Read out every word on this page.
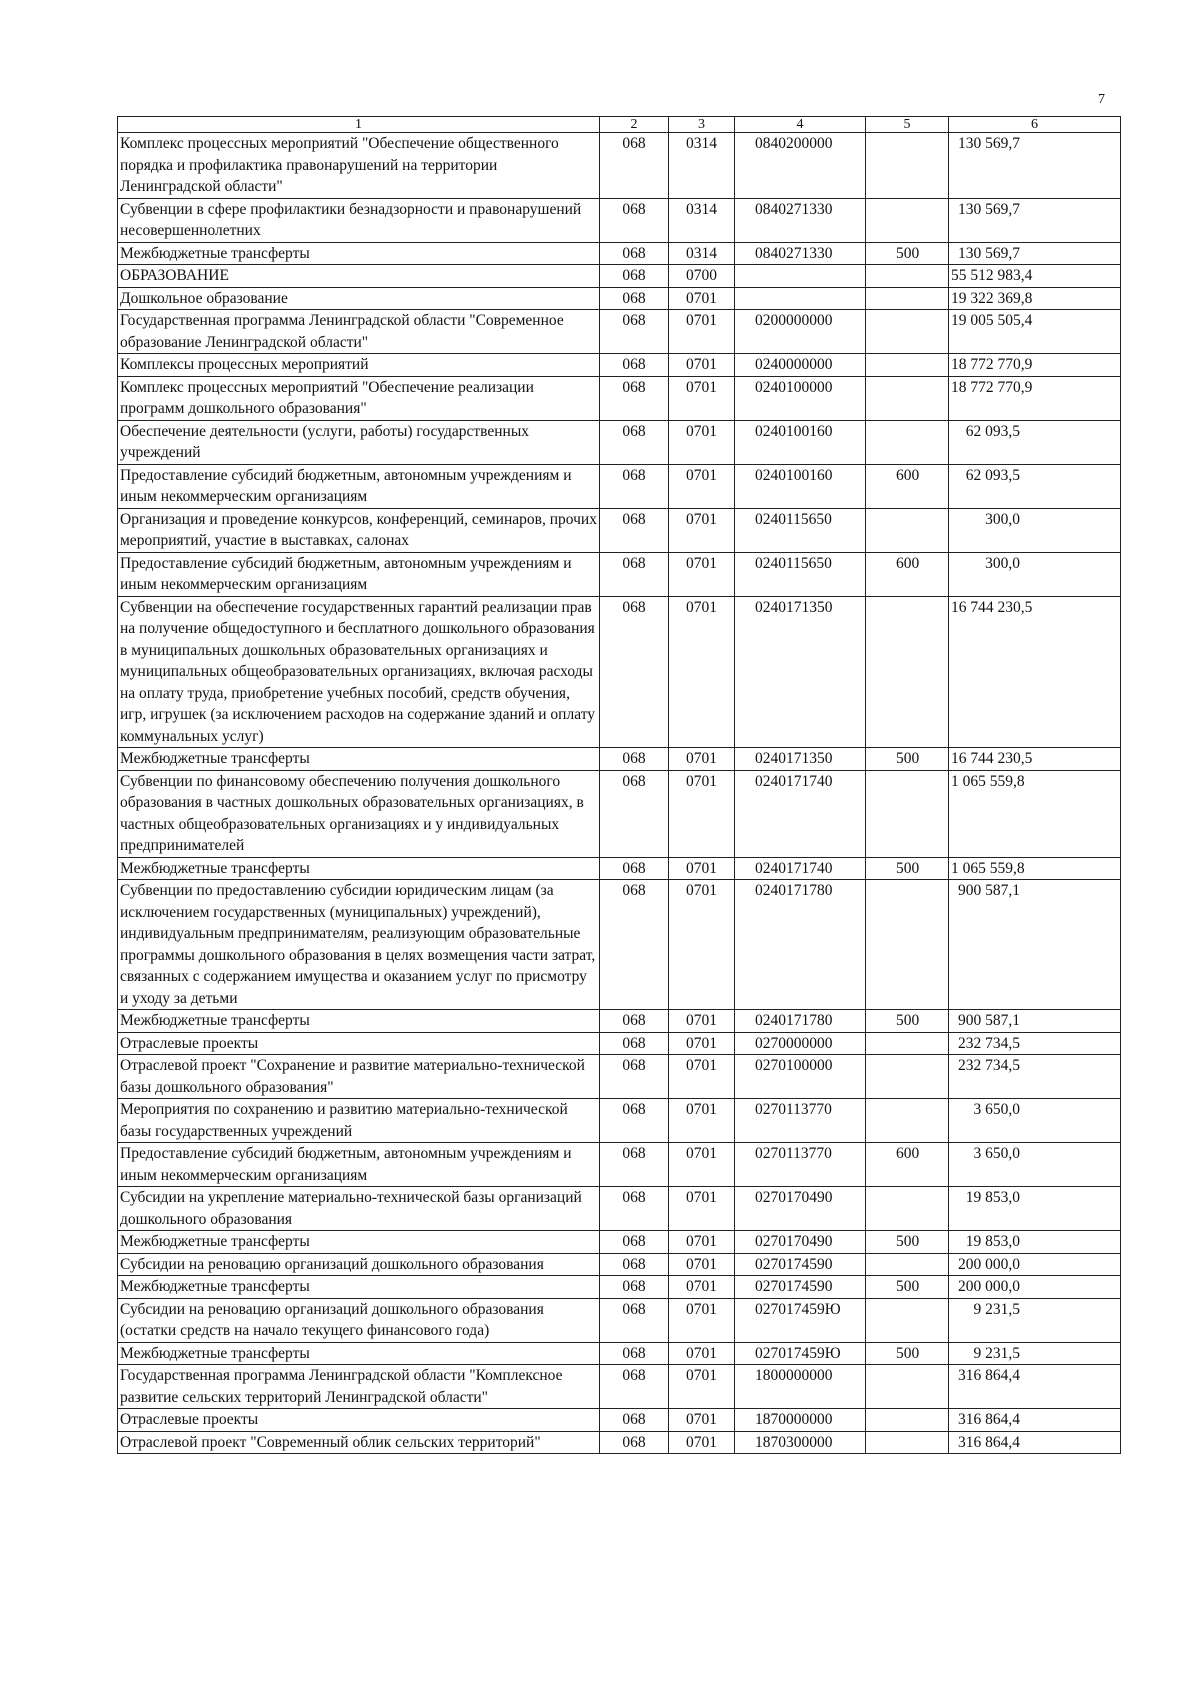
7
1	2	3	4	5	6
Комплекс процессных мероприятий "Обеспечение общественного порядка и профилактика правонарушений на территории Ленинградской области"	068	0314	0840200000		130 569,7
Субвенции в сфере профилактики безнадзорности и правонарушений несовершеннолетних	068	0314	0840271330		130 569,7
Межбюджетные трансферты	068	0314	0840271330	500	130 569,7
ОБРАЗОВАНИЕ	068	0700			55 512 983,4
Дошкольное образование	068	0701			19 322 369,8
Государственная программа Ленинградской области "Современное образование Ленинградской области"	068	0701	0200000000		19 005 505,4
Комплексы процессных мероприятий	068	0701	0240000000		18 772 770,9
Комплекс процессных мероприятий "Обеспечение реализации программ дошкольного образования"	068	0701	0240100000		18 772 770,9
Обеспечение деятельности (услуги, работы) государственных учреждений	068	0701	0240100160		62 093,5
Предоставление субсидий бюджетным, автономным учреждениям и иным некоммерческим организациям	068	0701	0240100160	600	62 093,5
Организация и проведение конкурсов, конференций, семинаров, прочих мероприятий, участие в выставках, салонах	068	0701	0240115650		300,0
Предоставление субсидий бюджетным, автономным учреждениям и иным некоммерческим организациям	068	0701	0240115650	600	300,0
Субвенции на обеспечение государственных гарантий реализации прав на получение общедоступного и бесплатного дошкольного образования в муниципальных дошкольных образовательных организациях и муниципальных общеобразовательных организациях, включая расходы на оплату труда, приобретение учебных пособий, средств обучения, игр, игрушек (за исключением расходов на содержание зданий и оплату коммунальных услуг)	068	0701	0240171350		16 744 230,5
Межбюджетные трансферты	068	0701	0240171350	500	16 744 230,5
Субвенции по финансовому обеспечению получения дошкольного образования в частных дошкольных образовательных организациях, в частных общеобразовательных организациях и у индивидуальных предпринимателей	068	0701	0240171740		1 065 559,8
Межбюджетные трансферты	068	0701	0240171740	500	1 065 559,8
Субвенции по предоставлению субсидии юридическим лицам (за исключением государственных (муниципальных) учреждений), индивидуальным предпринимателям, реализующим образовательные программы дошкольного образования в целях возмещения части затрат, связанных с содержанием имущества и оказанием услуг по присмотру и уходу за детьми	068	0701	0240171780		900 587,1
Межбюджетные трансферты	068	0701	0240171780	500	900 587,1
Отраслевые проекты	068	0701	0270000000		232 734,5
Отраслевой проект "Сохранение и развитие материально-технической базы дошкольного образования"	068	0701	0270100000		232 734,5
Мероприятия по сохранению и развитию материально-технической базы государственных учреждений	068	0701	0270113770		3 650,0
Предоставление субсидий бюджетным, автономным учреждениям и иным некоммерческим организациям	068	0701	0270113770	600	3 650,0
Субсидии на укрепление материально-технической базы организаций дошкольного образования	068	0701	0270170490		19 853,0
Межбюджетные трансферты	068	0701	0270170490	500	19 853,0
Субсидии на реновацию организаций дошкольного образования	068	0701	0270174590		200 000,0
Межбюджетные трансферты	068	0701	0270174590	500	200 000,0
Субсидии на реновацию организаций дошкольного образования (остатки средств на начало текущего финансового года)	068	0701	027017459Ю		9 231,5
Межбюджетные трансферты	068	0701	027017459Ю	500	9 231,5
Государственная программа Ленинградской области "Комплексное развитие сельских территорий Ленинградской области"	068	0701	1800000000		316 864,4
Отраслевые проекты	068	0701	1870000000		316 864,4
Отраслевой проект "Современный облик сельских территорий"	068	0701	1870300000		316 864,4
